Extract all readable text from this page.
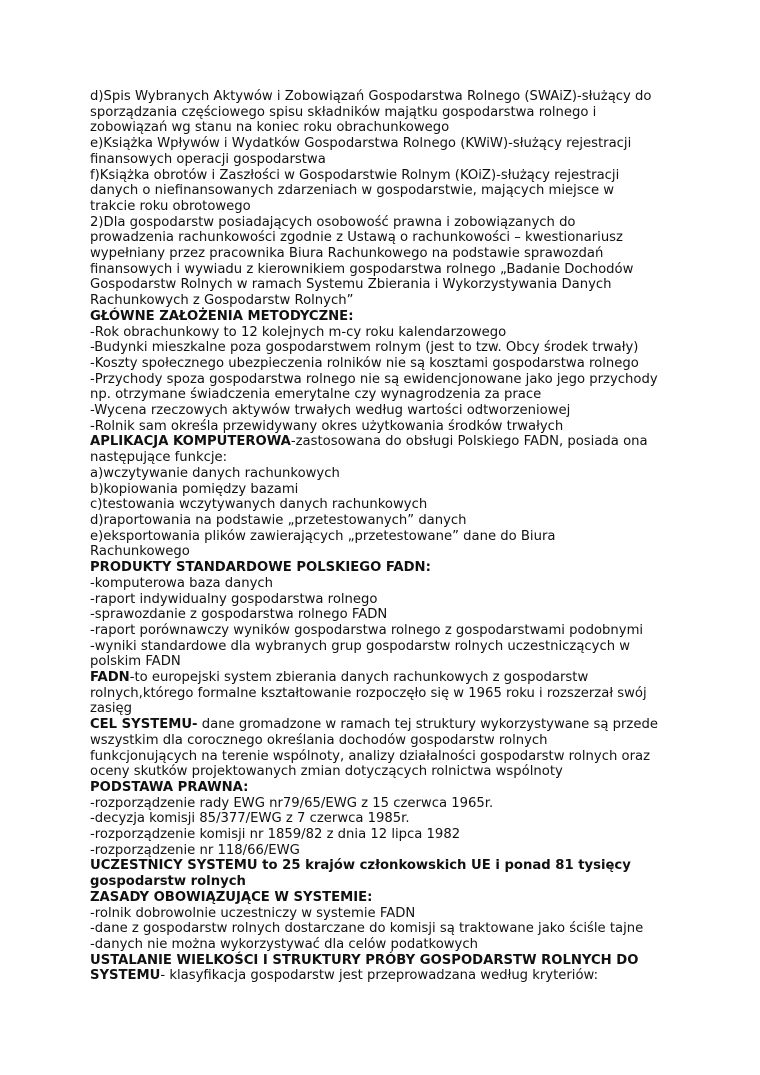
d)Spis Wybranych Aktywów i Zobowiązań Gospodarstwa Rolnego (SWAiZ)-służący do
sporządzania częściowego spisu składników majątku gospodarstwa rolnego i
zobowiązań wg stanu na koniec roku obrachunkowego
e)Książka Wpływów i Wydatków Gospodarstwa Rolnego (KWiW)-służący rejestracji
finansowych operacji gospodarstwa
f)Książka obrotów i Zaszłości w Gospodarstwie Rolnym (KOiZ)-służący rejestracji
danych o niefinansowanych zdarzeniach w gospodarstwie, mających miejsce w
trakcie roku obrotowego
2)Dla gospodarstw posiadających osobowość prawna i zobowiązanych do
prowadzenia rachunkowości zgodnie z Ustawą o rachunkowości – kwestionariusz
wypełniany przez pracownika Biura Rachunkowego na podstawie sprawozdań
finansowych i wywiadu z kierownikiem gospodarstwa rolnego „Badanie Dochodów
Gospodarstw Rolnych w ramach Systemu Zbierania i Wykorzystywania Danych
Rachunkowych z Gospodarstw Rolnych”
GŁÓWNE ZAŁOŻENIA METODYCZNE:
-Rok obrachunkowy to 12 kolejnych m-cy roku kalendarzowego
-Budynki mieszkalne poza gospodarstwem rolnym (jest to tzw. Obcy środek trwały)
-Koszty społecznego ubezpieczenia rolników nie są kosztami gospodarstwa rolnego
-Przychody spoza gospodarstwa rolnego nie są ewidencjonowane jako jego przychody
np. otrzymane świadczenia emerytalne czy wynagrodzenia za prace
-Wycena rzeczowych aktywów trwałych według wartości odtworzeniowej
-Rolnik sam określa przewidywany okres użytkowania środków trwałych
APLIKACJA KOMPUTEROWA-zastosowana do obsługi Polskiego FADN, posiada ona
następujące funkcje:
a)wczytywanie danych rachunkowych
b)kopiowania pomiędzy bazami
c)testowania wczytywanych danych rachunkowych
d)raportowania na podstawie „przetestowanych” danych
e)eksportowania plików zawierających „przetestowane” dane do Biura
Rachunkowego
PRODUKTY STANDARDOWE POLSKIEGO FADN:
-komputerowa baza danych
-raport indywidualny gospodarstwa rolnego
-sprawozdanie z gospodarstwa rolnego FADN
-raport porównawczy wyników gospodarstwa rolnego z gospodarstwami podobnymi
-wyniki standardowe dla wybranych grup gospodarstw rolnych uczestniczących w
polskim FADN
FADN-to europejski system zbierania danych rachunkowych z gospodarstw
rolnych,którego formalne kształtowanie rozpoczęło się w 1965 roku i rozszerzał swój
zasięg
CEL SYSTEMU- dane gromadzone w ramach tej struktury wykorzystywane są przede
wszystkim dla corocznego określania dochodów gospodarstw rolnych
funkcjonujących na terenie wspólnoty, analizy działalności gospodarstw rolnych oraz
oceny skutków projektowanych zmian dotyczących rolnictwa wspólnoty
PODSTAWA PRAWNA:
-rozporządzenie rady EWG nr79/65/EWG z 15 czerwca 1965r.
-decyzja komisji 85/377/EWG z 7 czerwca 1985r.
-rozporządzenie komisji nr 1859/82 z dnia 12 lipca 1982
-rozporządzenie nr 118/66/EWG
UCZESTNICY SYSTEMU to 25 krajów członkowskich UE i ponad 81 tysięcy
gospodarstw rolnych
ZASADY OBOWIĄZUJĄCE W SYSTEMIE:
-rolnik dobrowolnie uczestniczy w systemie FADN
-dane z gospodarstw rolnych dostarczane do komisji są traktowane jako ściśle tajne
-danych nie można wykorzystywać dla celów podatkowych
USTALANIE WIELKOŚCI I STRUKTURY PRÓBY GOSPODARSTW ROLNYCH DO
SYSTEMU- klasyfikacja gospodarstw jest przeprowadzana według kryteriów:
